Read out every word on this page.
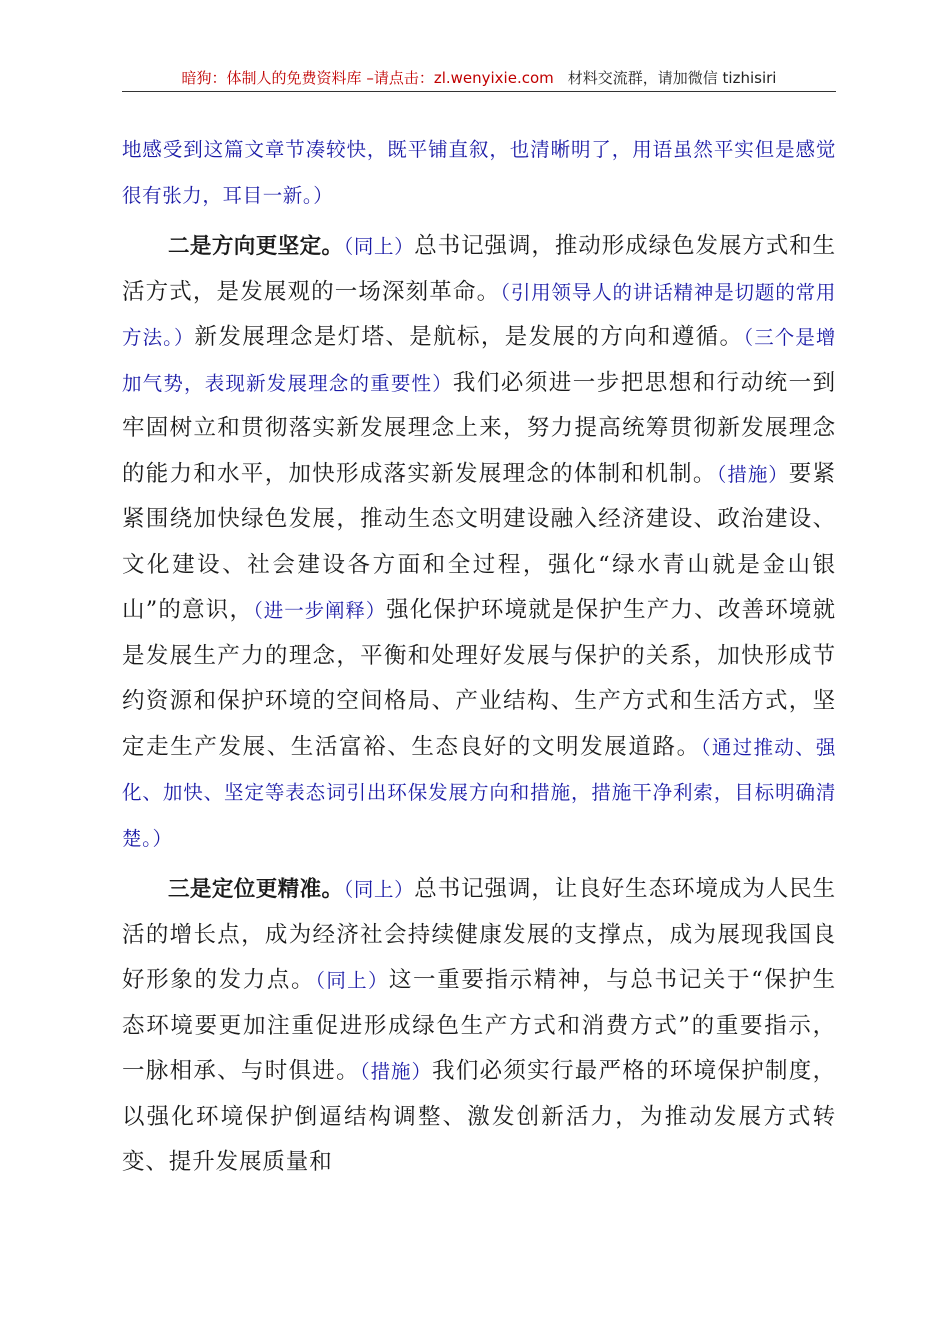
暗狗：体制人的免费资料库 –请点击：zl.wenyixie.com 材料交流群，请加微信 tizhisiri

地感受到这篇文章节凑较快，既平铺直叙，也清晰明了，用语虽然平实但是感觉很有张力，耳目一新。）

二是方向更坚定。（同上）总书记强调，推动形成绿色发展方式和生活方式，是发展观的一场深刻革命。（引用领导人的讲话精神是切题的常用方法。）新发展理念是灯塔、是航标，是发展的方向和遵循。（三个是增加气势，表现新发展理念的重要性）我们必须进一步把思想和行动统一到牢固树立和贯彻落实新发展理念上来，努力提高统筹贯彻新发展理念的能力和水平，加快形成落实新发展理念的体制和机制。（措施）要紧紧围绕加快绿色发展，推动生态文明建设融入经济建设、政治建设、文化建设、社会建设各方面和全过程，强化“绿水青山就是金山银山”的意识，（进一步阐释）强化保护环境就是保护生产力、改善环境就是发展生产力的理念，平衡和处理好发展与保护的关系，加快形成节约资源和保护环境的空间格局、产业结构、生产方式和生活方式，坚定走生产发展、生活富裕、生态良好的文明发展道路。（通过推动、强化、加快、坚定等表态词引出环保发展方向和措施，措施干净利索，目标明确清楚。）

三是定位更精准。（同上）总书记强调，让良好生态环境成为人民生活的增长点，成为经济社会持续健康发展的支撑点，成为展现我国良好形象的发力点。（同上）这一重要指示精神，与总书记关于“保护生态环境要更加注重促进形成绿色生产方式和消费方式”的重要指示，一脉相承、与时俱进。（措施）我们必须实行最严格的环境保护制度，以强化环境保护倒逼结构调整、激发创新活力，为推动发展方式转变、提升发展质量和
